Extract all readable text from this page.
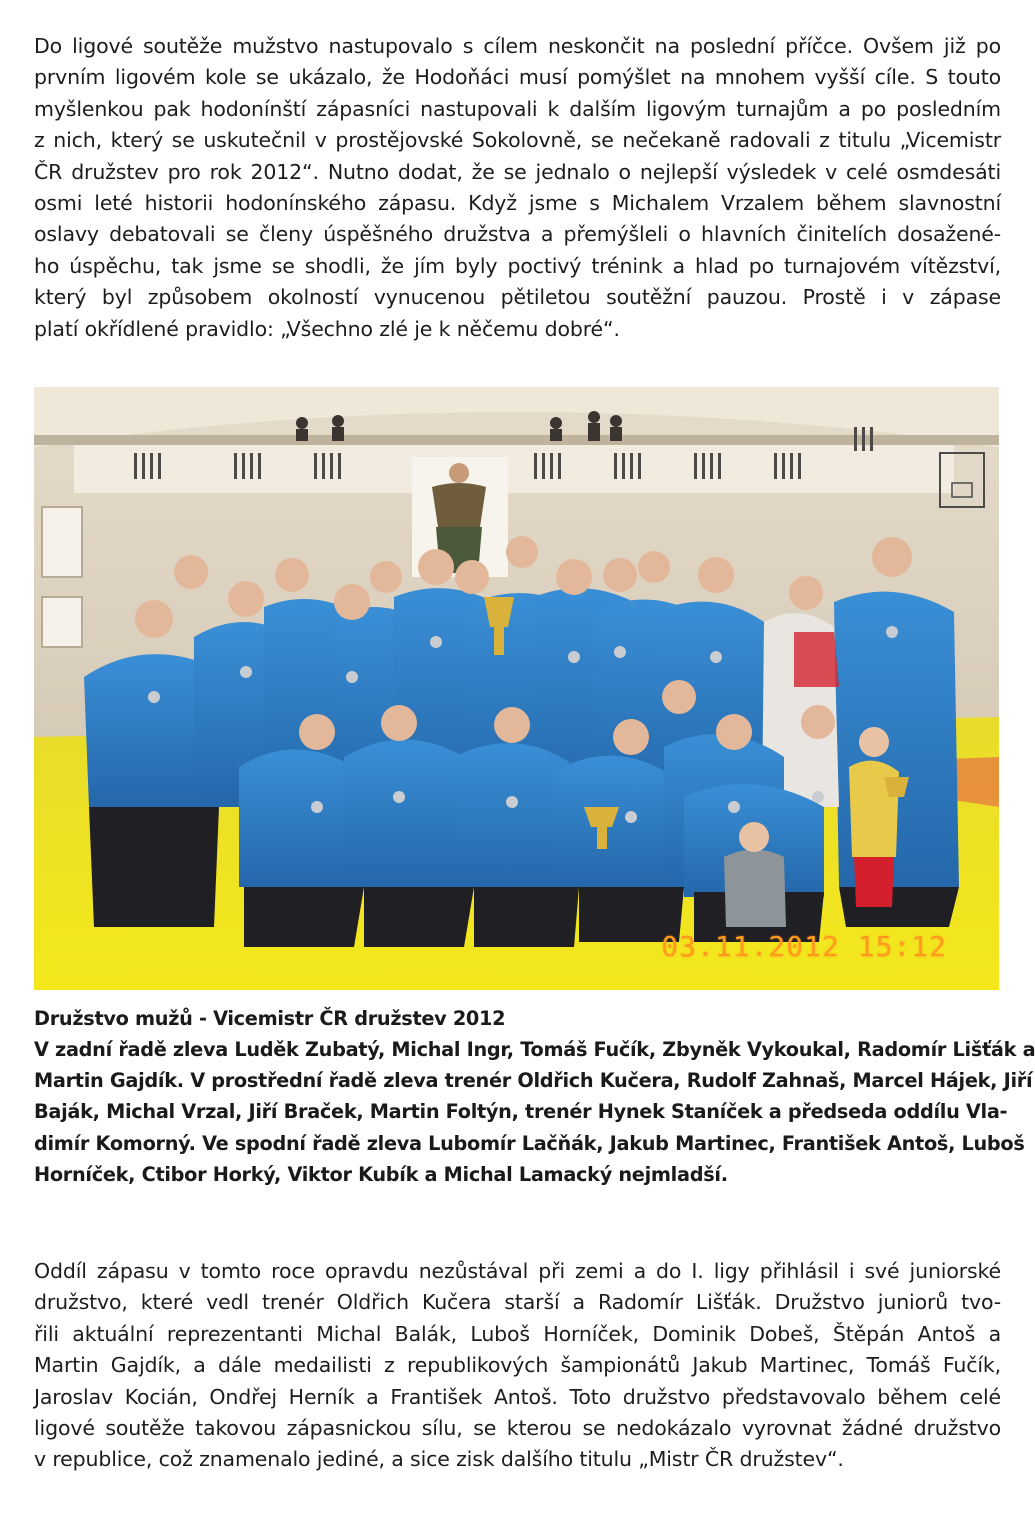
Do ligové soutěže mužstvo nastupovalo s cílem neskončit na poslední příčce. Ovšem již po
prvním ligovém kole se ukázalo, že Hodoňáci musí pomýšlet na mnohem vyšší cíle. S touto
myšlenkou pak hodonínští zápasníci nastupovali k dalším ligovým turnajům a po posledním
z nich, který se uskutečnil v prostějovské Sokolovně, se nečekaně radovali z titulu „Vicemistr
ČR družstev pro rok 2012“. Nutno dodat, že se jednalo o nejlepší výsledek v celé osmdesáti
osmi leté historii hodonínského zápasu. Když jsme s Michalem Vrzalem během slavnostní
oslavy debatovali se členy úspěšného družstva a přemýšleli o hlavních činitelích dosažené-
ho úspěchu, tak jsme se shodli, že jím byly poctivý trénink a hlad po turnajovém vítězství,
který byl způsobem okolností vynucenou pětiletou soutěžní pauzou. Prostě i v zápase
platí okřídlené pravidlo: „Všechno zlé je k něčemu dobré“.
03.11.2012 15:12
Družstvo mužů - Vicemistr ČR družstev 2012
V zadní řadě zleva Luděk Zubatý, Michal Ingr, Tomáš Fučík, Zbyněk Vykoukal, Radomír Lišťák a
Martin Gajdík. V prostřední řadě zleva trenér Oldřich Kučera, Rudolf Zahnaš, Marcel Hájek, Jiří
Baják, Michal Vrzal, Jiří Braček, Martin Foltýn, trenér Hynek Staníček a předseda oddílu Vla-
dimír Komorný. Ve spodní řadě zleva Lubomír Lačňák, Jakub Martinec, František Antoš, Luboš
Horníček, Ctibor Horký, Viktor Kubík a Michal Lamacký nejmladší.
Oddíl zápasu v tomto roce opravdu nezůstával při zemi a do I. ligy přihlásil i své juniorské
družstvo, které vedl trenér Oldřich Kučera starší a Radomír Lišťák. Družstvo juniorů tvo-
řili aktuální reprezentanti Michal Balák, Luboš Horníček, Dominik Dobeš, Štěpán Antoš a
Martin Gajdík, a dále medailisti z republikových šampionátů Jakub Martinec, Tomáš Fučík,
Jaroslav Kocián, Ondřej Herník a František Antoš. Toto družstvo představovalo během celé
ligové soutěže takovou zápasnickou sílu, se kterou se nedokázalo vyrovnat žádné družstvo
v republice, což znamenalo jediné, a sice zisk dalšího titulu „Mistr ČR družstev“.
